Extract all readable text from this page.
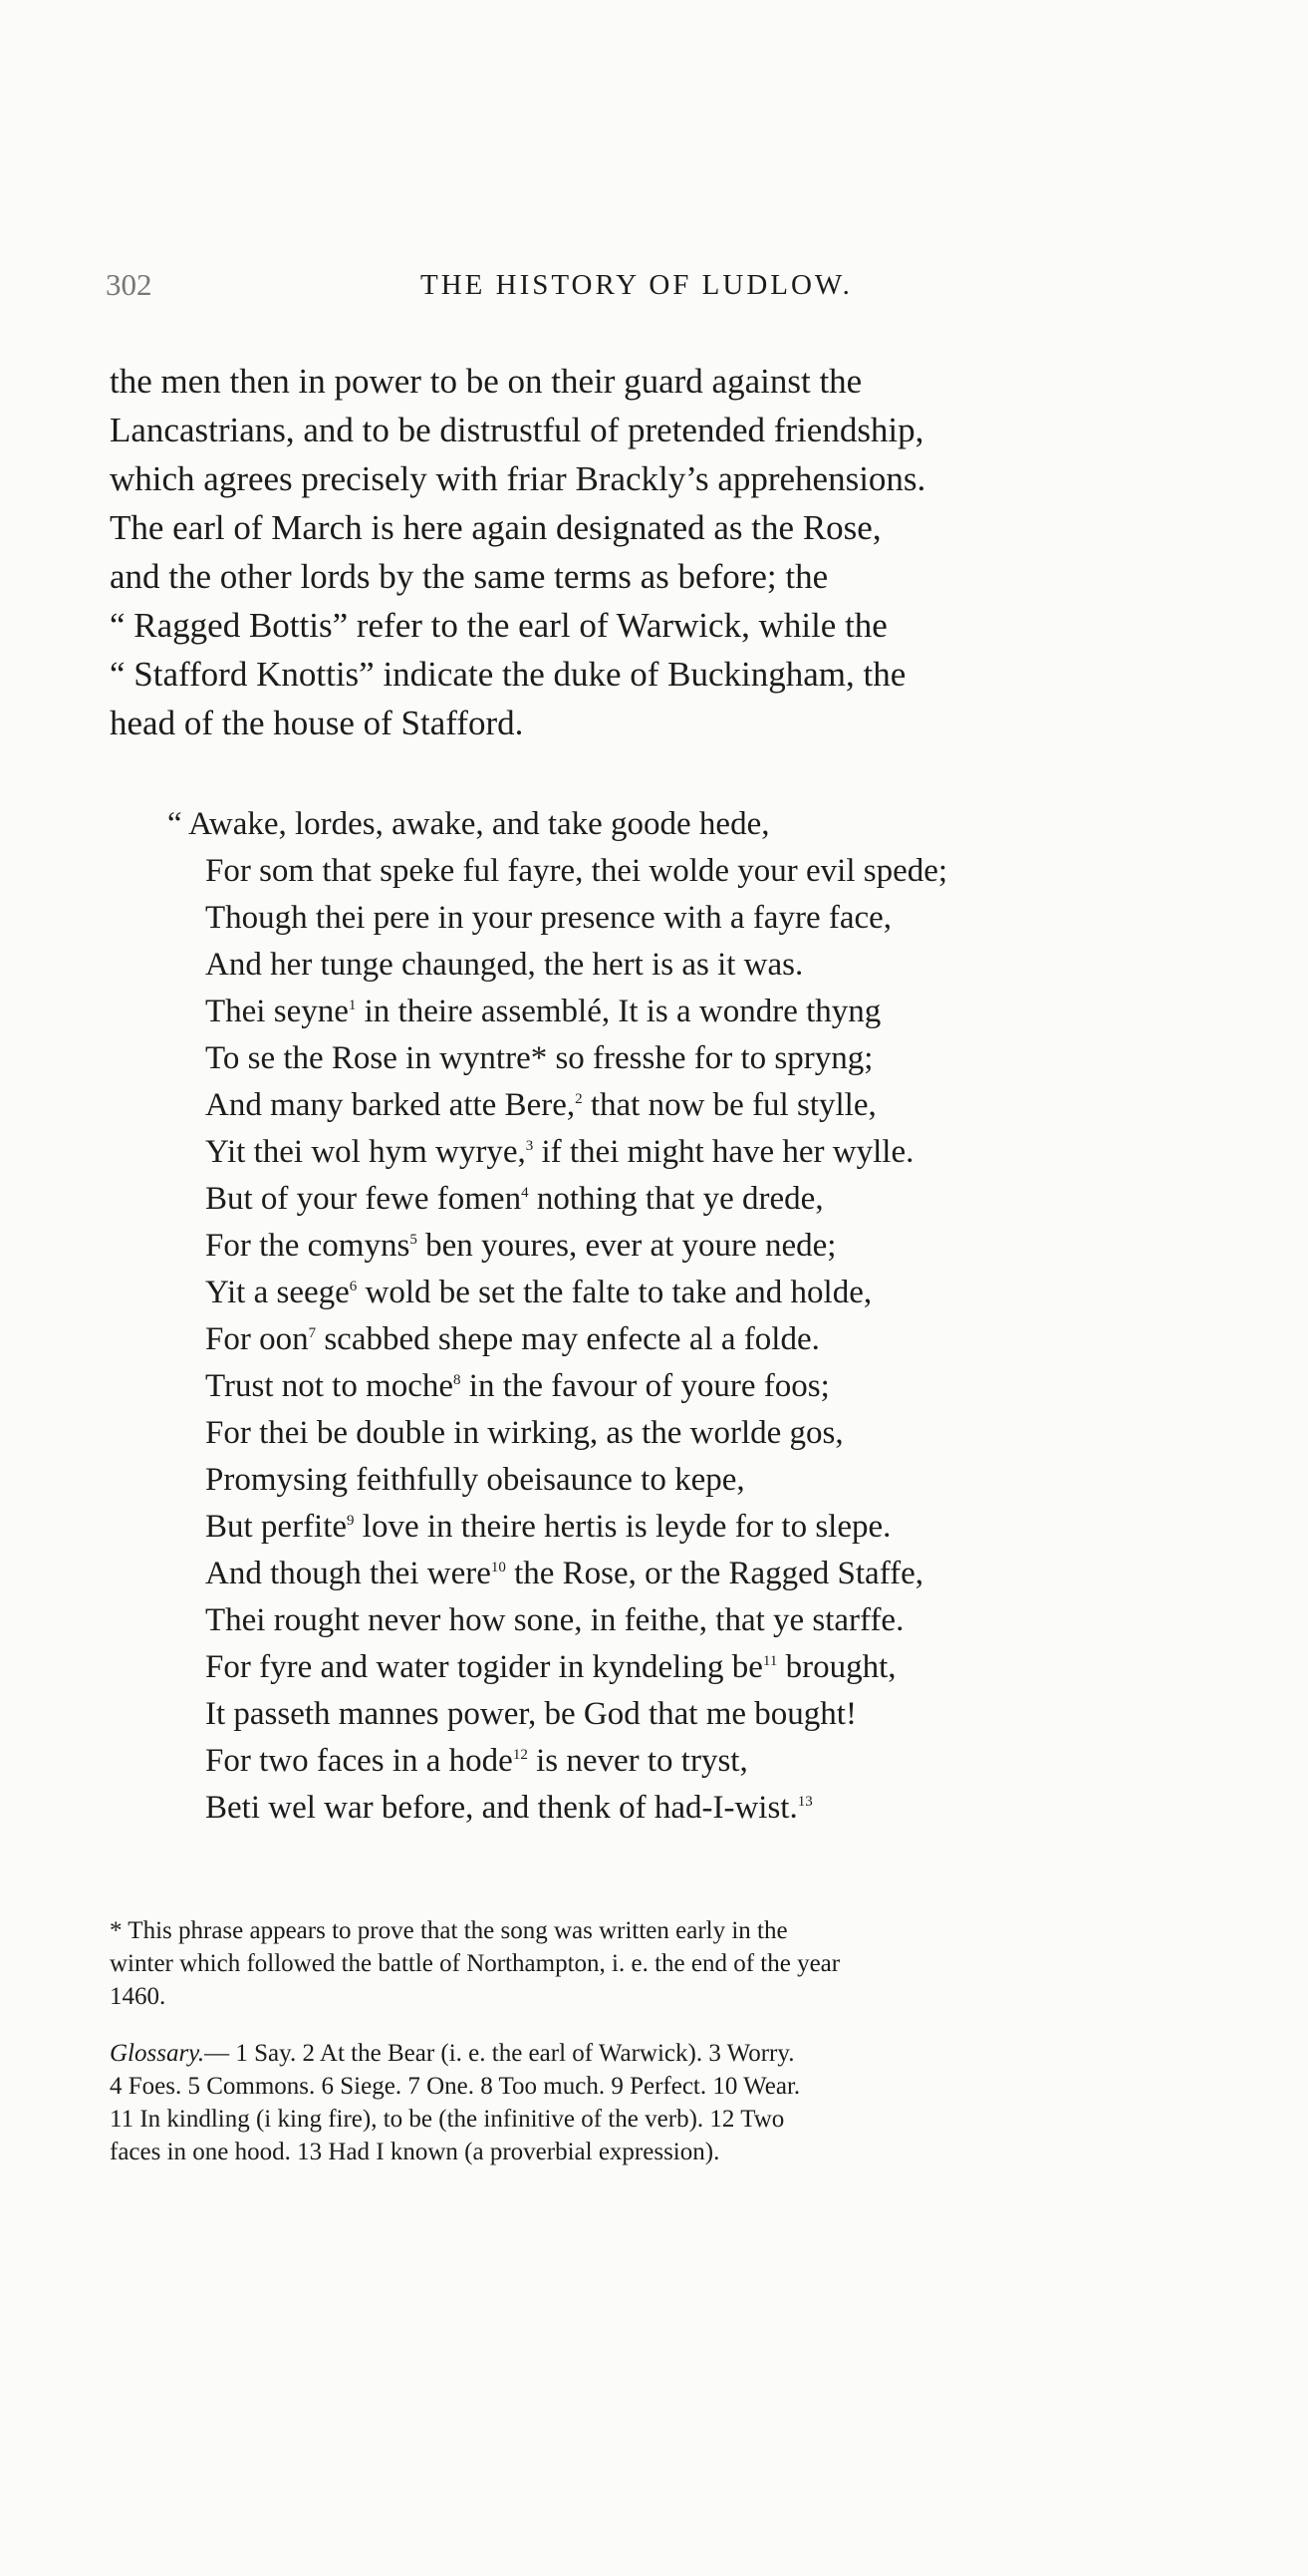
302	THE HISTORY OF LUDLOW.
the men then in power to be on their guard against the
Lancastrians, and to be distrustful of pretended friendship,
which agrees precisely with friar Brackly’s apprehensions.
The earl of March is here again designated as the Rose,
and the other lords by the same terms as before; the
“ Ragged Bottis” refer to the earl of Warwick, while the
“ Stafford Knottis” indicate the duke of Buckingham, the
head of the house of Stafford.
“ Awake, lordes, awake, and take goode hede,
For som that speke ful fayre, thei wolde your evil spede;
Though thei pere in your presence with a fayre face,
And her tunge chaunged, the hert is as it was.
Thei seyne$^1$ in theire assemblé, It is a wondre thyng
To se the Rose in wyntre* so fresshe for to spryng;
And many barked atte Bere,$^2$ that now be ful stylle,
Yit thei wol hym wyrye,$^3$ if thei might have her wylle.
But of your fewe fomen$^4$ nothing that ye drede,
For the comyns$^5$ ben youres, ever at youre nede;
Yit a seege$^6$ wold be set the falte to take and holde,
For oon$^7$ scabbed shepe may enfecte al a folde.
Trust not to moche$^8$ in the favour of youre foos;
For thei be double in wirking, as the worlde gos,
Promysing feithfully obeisaunce to kepe,
But perfite$^9$ love in theire hertis is leyde for to slepe.
And though thei were$^{10}$ the Rose, or the Ragged Staffe,
Thei rought never how sone, in feithe, that ye starffe.
For fyre and water togider in kyndeling $be^{11}$ brought,
It passeth mannes power, be God that me bought!
For two faces in a hode$^{12}$ is never to tryst,
Beti wel war before, and thenk of had-I-wist.$^{13}$
* This phrase appears to prove that the song was written early in the
winter which followed the battle of Northampton, i. e. the end of the year
1460.
Glossary.— 1 Say. 2 At the Bear (i. e. the earl of Warwick). 3 Worry.
4 Foes. 5 Commons. 6 Siege. 7 One. 8 Too much. 9 Perfect. 10 Wear.
11 In kindling (i king fire), to be (the infinitive of the verb). 12 Two
faces in one hood. 13 Had I known (a proverbial expression).
